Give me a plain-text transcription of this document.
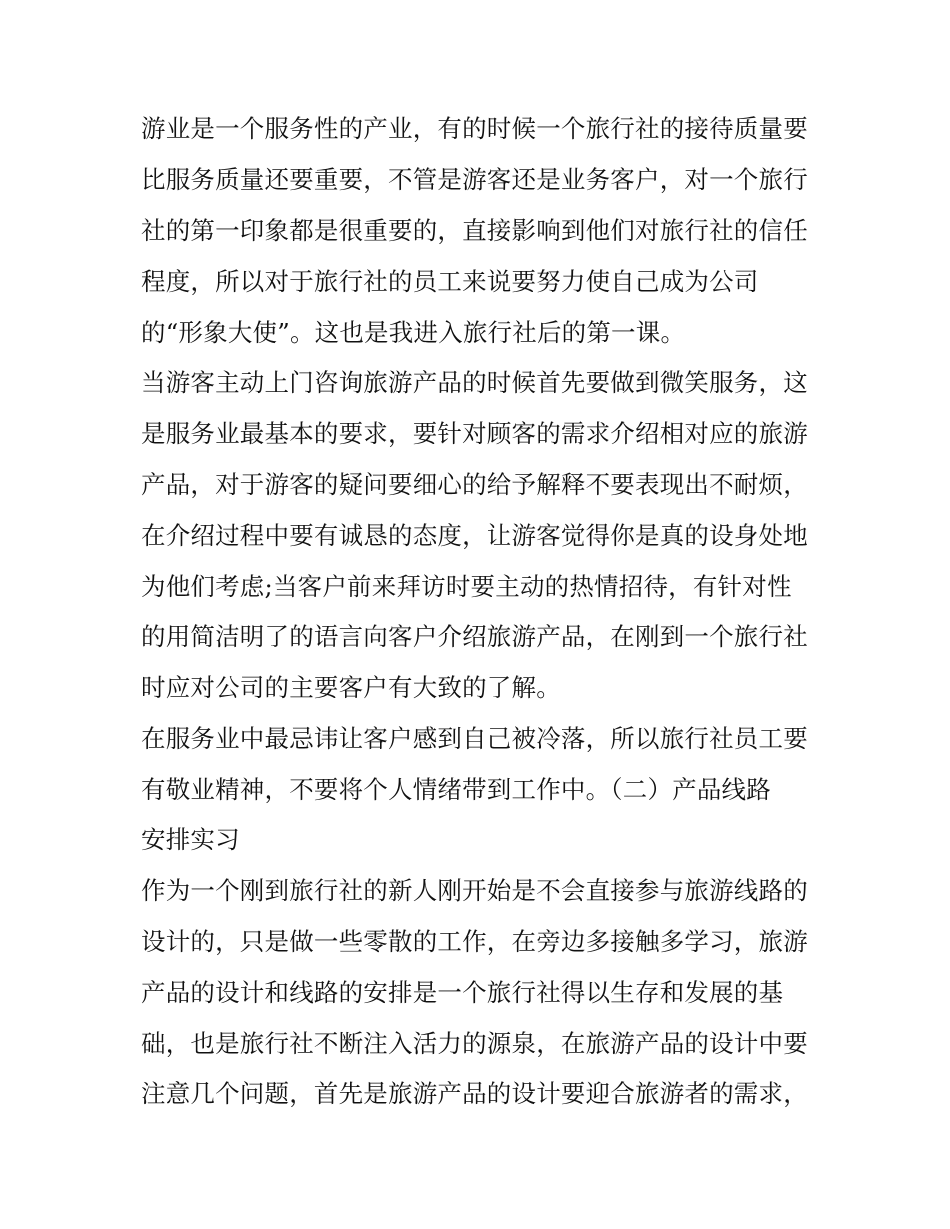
游业是一个服务性的产业，有的时候一个旅行社的接待质量要
比服务质量还要重要，不管是游客还是业务客户，对一个旅行
社的第一印象都是很重要的，直接影响到他们对旅行社的信任
程度，所以对于旅行社的员工来说要努力使自己成为公司
的“形象大使”。这也是我进入旅行社后的第一课。
当游客主动上门咨询旅游产品的时候首先要做到微笑服务，这
是服务业最基本的要求，要针对顾客的需求介绍相对应的旅游
产品，对于游客的疑问要细心的给予解释不要表现出不耐烦，
在介绍过程中要有诚恳的态度，让游客觉得你是真的设身处地
为他们考虑;当客户前来拜访时要主动的热情招待，有针对性
的用简洁明了的语言向客户介绍旅游产品，在刚到一个旅行社
时应对公司的主要客户有大致的了解。
在服务业中最忌讳让客户感到自己被冷落，所以旅行社员工要
有敬业精神，不要将个人情绪带到工作中。（二）产品线路
安排实习
作为一个刚到旅行社的新人刚开始是不会直接参与旅游线路的
设计的，只是做一些零散的工作，在旁边多接触多学习，旅游
产品的设计和线路的安排是一个旅行社得以生存和发展的基
础，也是旅行社不断注入活力的源泉，在旅游产品的设计中要
注意几个问题，首先是旅游产品的设计要迎合旅游者的需求，
